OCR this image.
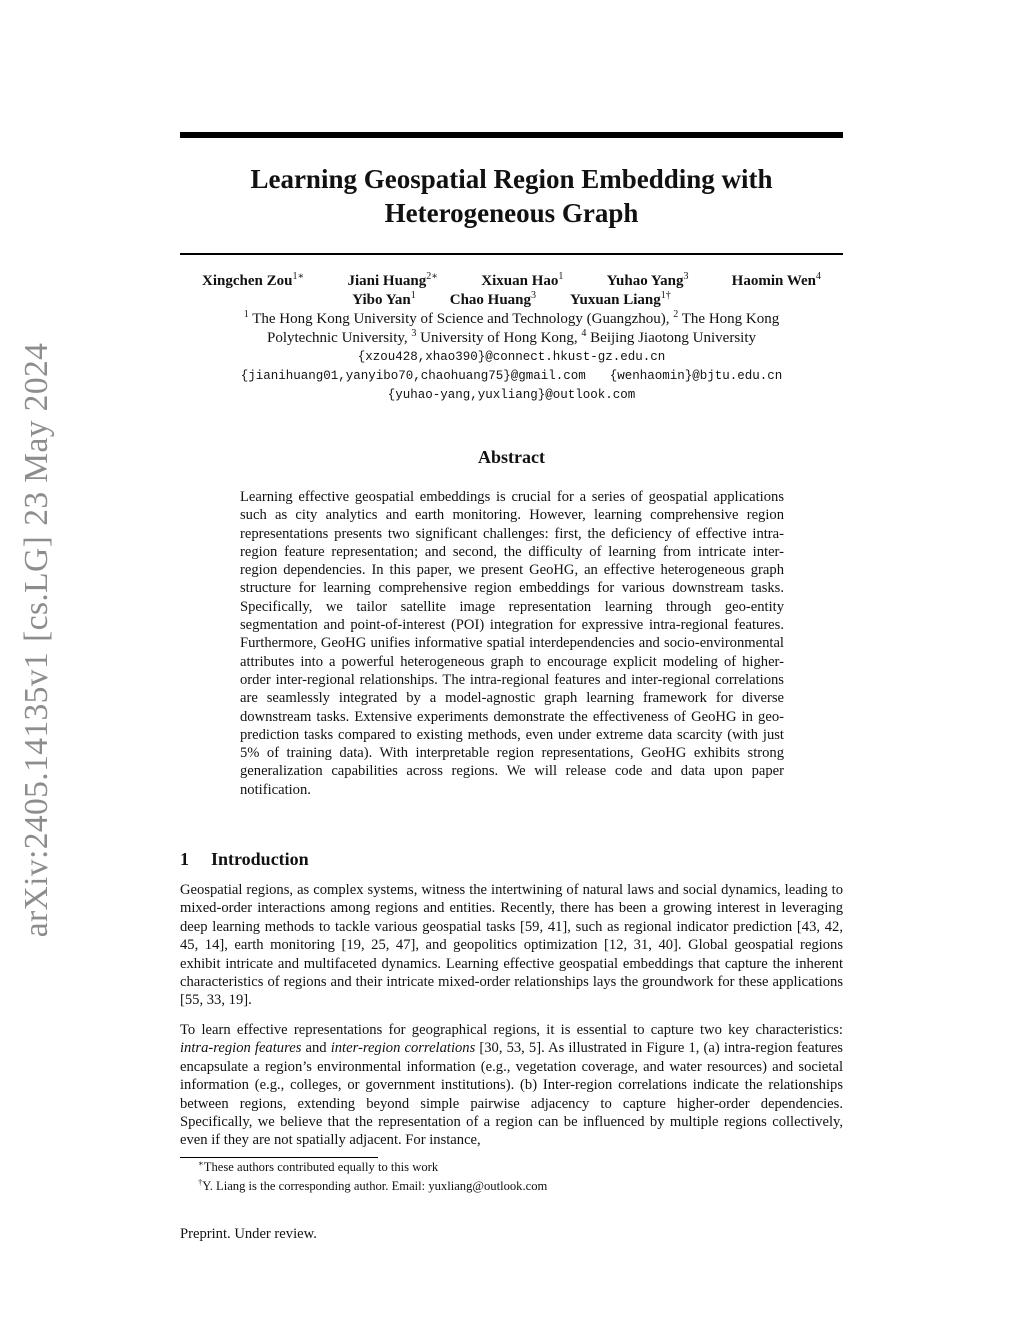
arXiv:2405.14135v1[cs.LG]23 May 2024
Learning Geospatial Region Embedding with
Heterogeneous Graph
Xingchen Zou$^{1∗}$	Jiani Huang$^{2∗}$	Xixuan Hao$^1$	Yuhao Yang$^3$	Haomin Wen$^4$
Yibo Yan$^1$ Chao Huang$^3$ Yuxuan Liang$^{1\dagger}$
$^1$ The Hong Kong University of Science and Technology (Guangzhou), $^2$ The Hong Kong
Polytechnic University, $^3$ University of Hong Kong, $^4$ Beijing Jiaotong University
{xzou428,xhao390}@connect.hkust-gz.edu.cn
{jianihuang01,yanyibo70,chaohuang75}@gmail.com {wenhaomin}@bjtu.edu.cn
{yuhao-yang,yuxliang}@outlook.com
Abstract
Learning effective geospatial embeddings is crucial for a series of geospatial applications such as city analytics and earth monitoring. However, learning comprehensive region representations presents two significant challenges: first, the deficiency of effective intra-region feature representation; and second, the difficulty of learning from intricate inter-region dependencies. In this paper, we present GeoHG, an effective heterogeneous graph structure for learning comprehensive region embeddings for various downstream tasks. Specifically, we tailor satellite image representation learning through geo-entity segmentation and point-of-interest (POI) integration for expressive intra-regional features. Furthermore, GeoHG unifies informative spatial interdependencies and socio-environmental attributes into a powerful heterogeneous graph to encourage explicit modeling of higher-order inter-regional relationships. The intra-regional features and inter-regional correlations are seamlessly integrated by a model-agnostic graph learning framework for diverse downstream tasks. Extensive experiments demonstrate the effectiveness of GeoHG in geo-prediction tasks compared to existing methods, even under extreme data scarcity (with just 5% of training data). With interpretable region representations, GeoHG exhibits strong generalization capabilities across regions. We will release code and data upon paper notification.
1 Introduction
Geospatial regions, as complex systems, witness the intertwining of natural laws and social dynamics, leading to mixed-order interactions among regions and entities. Recently, there has been a growing interest in leveraging deep learning methods to tackle various geospatial tasks [59, 41], such as regional indicator prediction [43, 42, 45, 14], earth monitoring [19, 25, 47], and geopolitics optimization [12, 31, 40]. Global geospatial regions exhibit intricate and multifaceted dynamics. Learning effective geospatial embeddings that capture the inherent characteristics of regions and their intricate mixed-order relationships lays the groundwork for these applications [55, 33, 19].
To learn effective representations for geographical regions, it is essential to capture two key characteristics: intra-region features and inter-region correlations [30, 53, 5]. As illustrated in Figure 1, (a) intra-region features encapsulate a region’s environmental information (e.g., vegetation coverage, and water resources) and societal information (e.g., colleges, or government institutions). (b) Inter-region correlations indicate the relationships between regions, extending beyond simple pairwise adjacency to capture higher-order dependencies. Specifically, we believe that the representation of a region can be influenced by multiple regions collectively, even if they are not spatially adjacent. For instance,
∗These authors contributed equally to this work
†Y. Liang is the corresponding author. Email: yuxliang@outlook.com
Preprint. Under review.
